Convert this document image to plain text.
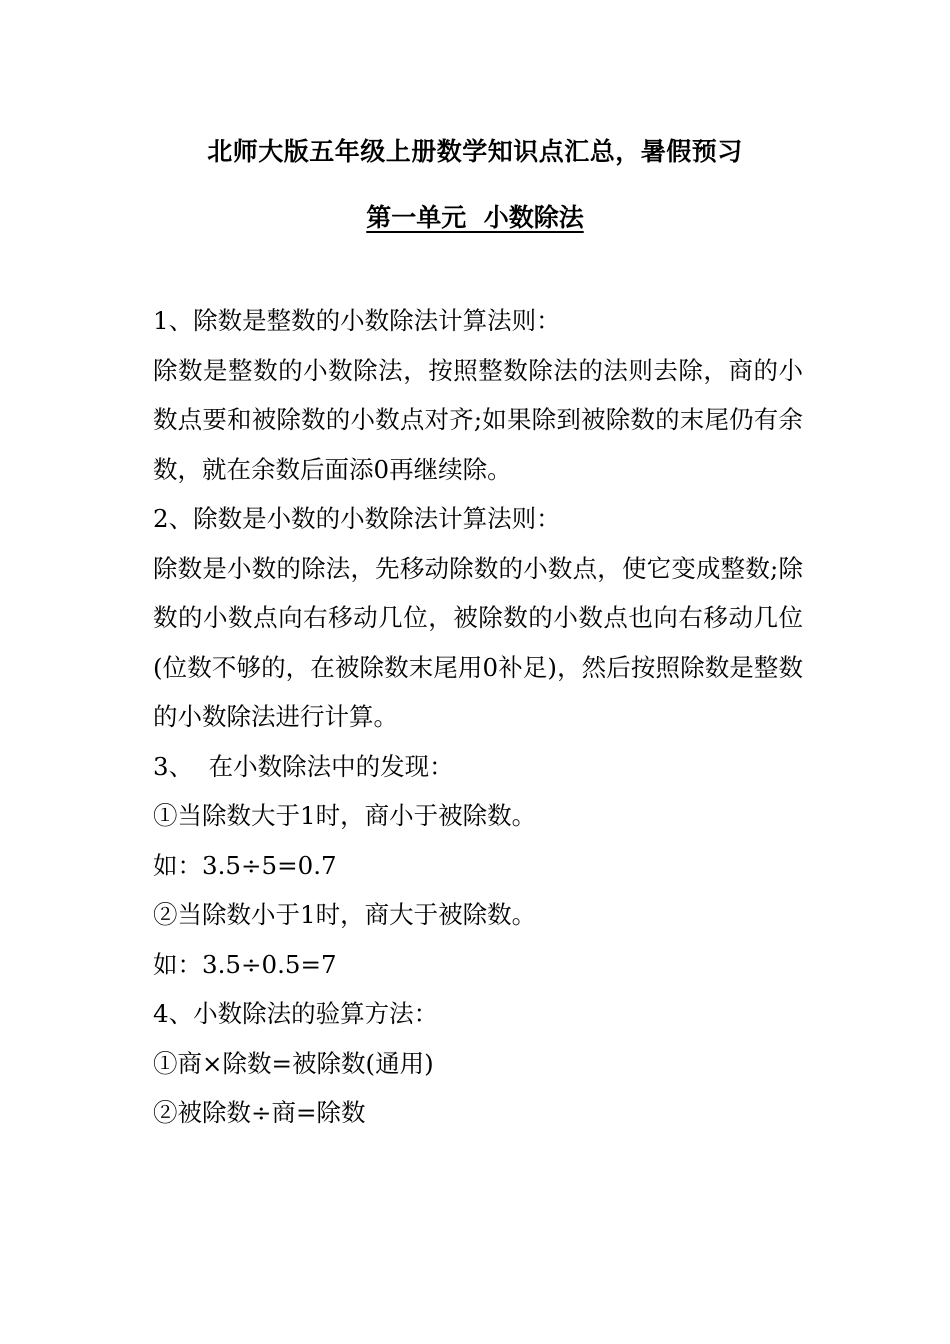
北师大版五年级上册数学知识点汇总，暑假预习
第一单元  小数除法

1、除数是整数的小数除法计算法则：

除数是整数的小数除法，按照整数除法的法则去除，商的小数点要和被除数的小数点对齐;如果除到被除数的末尾仍有余数，就在余数后面添0再继续除。

2、除数是小数的小数除法计算法则：

除数是小数的除法，先移动除数的小数点，使它变成整数;除数的小数点向右移动几位，被除数的小数点也向右移动几位(位数不够的，在被除数末尾用0补足)，然后按照除数是整数的小数除法进行计算。

3、  在小数除法中的发现：

①当除数大于1时，商小于被除数。

如：3.5÷5=0.7

②当除数小于1时，商大于被除数。

如：3.5÷0.5=7

4、小数除法的验算方法：

①商×除数=被除数(通用)

②被除数÷商=除数
